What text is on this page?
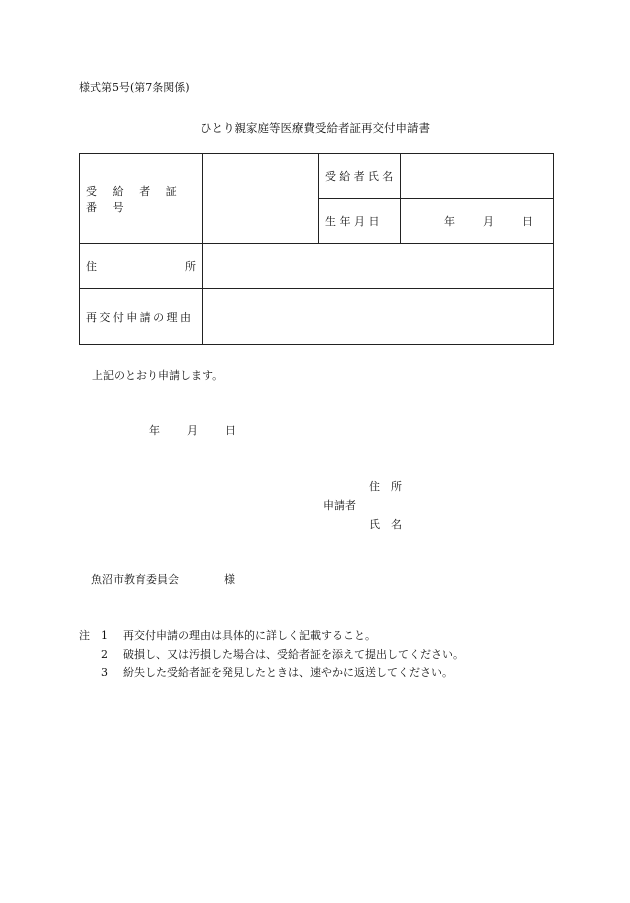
様式第5号(第7条関係)
ひとり親家庭等医療費受給者証再交付申請書
受 給 者 証 番 号		受給者氏名	
		生 年 月 日	年 月 日

住 所			

再交付申請の理由			
上記のとおり申請します。
年 月 日
住　所
申請者
氏　名
魚沼市教育委員会	様
注	1	再交付申請の理由は具体的に詳しく記載すること。
2	破損し、又は汚損した場合は、受給者証を添えて提出してください。
3	紛失した受給者証を発見したときは、速やかに返送してください。
